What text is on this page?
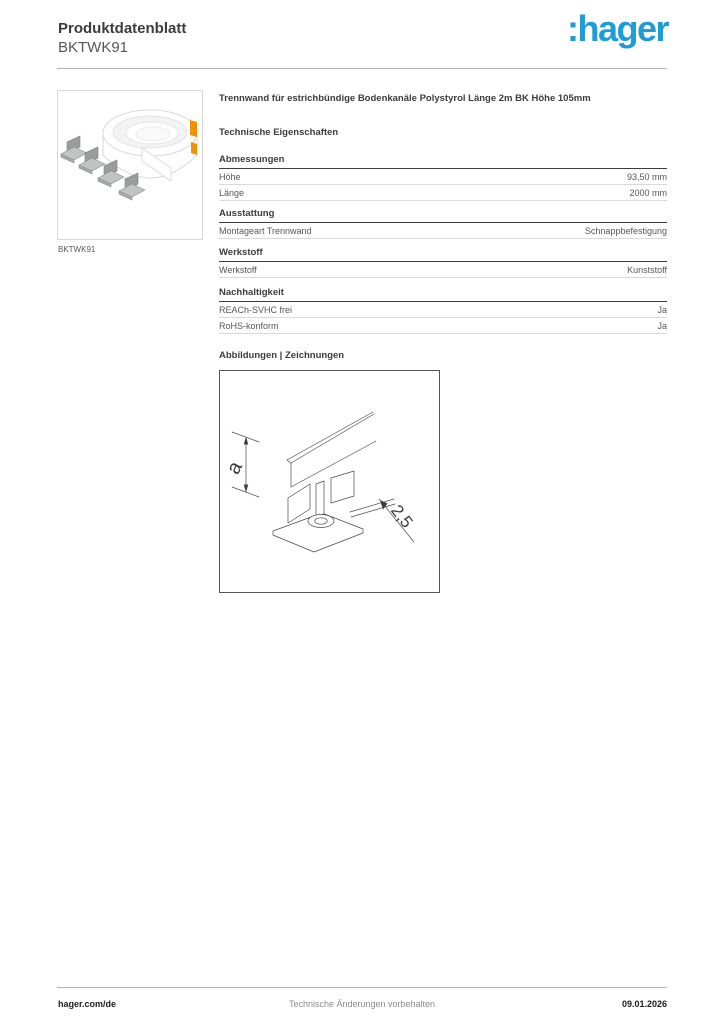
Produktdatenblatt
BKTWK91	:hager
BKTWK91
Trennwand für estrichbündige Bodenkanäle Polystyrol Länge 2m BK Höhe 105mm
Technische Eigenschaften
Abmessungen
Höhe	93,50 mm
Länge	2000 mm
Ausstattung
Montageart Trennwand	Schnappbefestigung
Werkstoff
Werkstoff	Kunststoff
Nachhaltigkeit
REACh-SVHC frei	Ja
RoHS-konform	Ja
Abbildungen | Zeichnungen
a
2,5
hager.com/de	Technische Änderungen vorbehalten	09.01.2026
